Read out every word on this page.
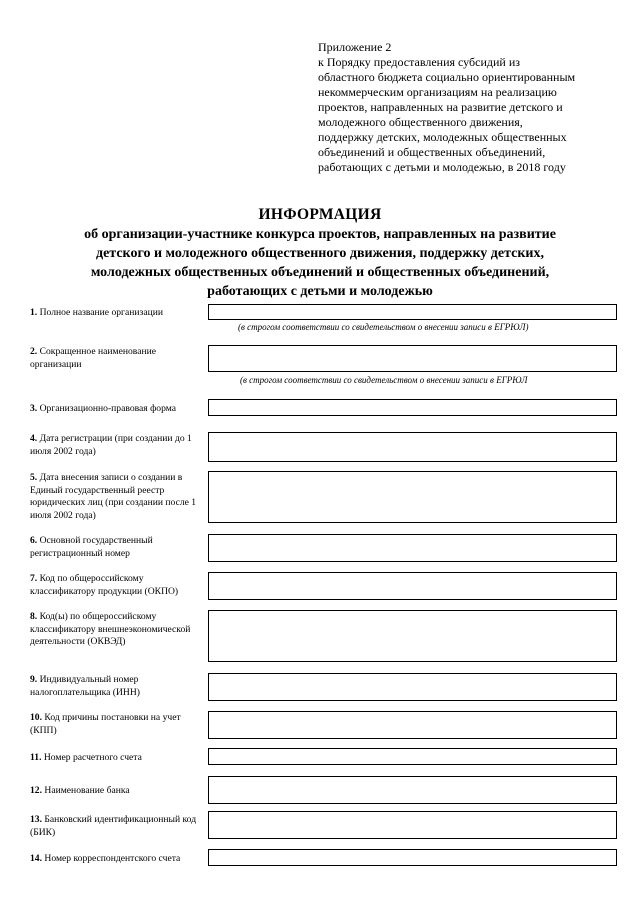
Приложение 2
к Порядку предоставления субсидий из
областного бюджета социально ориентированным
некоммерческим организациям на реализацию
проектов, направленных на развитие детского и
молодежного общественного движения,
поддержку детских, молодежных общественных
объединений и общественных объединений,
работающих с детьми и молодежью, в 2018 году
ИНФОРМАЦИЯ
об организации-участнике конкурса проектов, направленных на развитие
детского и молодежного общественного движения, поддержку детских,
молодежных общественных объединений и общественных объединений,
работающих с детьми и молодежью
1. Полное название организации
(в строгом соответствии со свидетельством о внесении записи в ЕГРЮЛ)
2. Сокращенное наименование организации
(в строгом соответствии со свидетельством о внесении записи в ЕГРЮЛ
3. Организационно-правовая форма
4. Дата регистрации (при создании до 1 июля 2002 года)
5. Дата внесения записи о создании в Единый государственный реестр юридических лиц (при создании после 1 июля 2002 года)
6. Основной государственный регистрационный номер
7. Код по общероссийскому классификатору продукции (ОКПО)
8. Код(ы) по общероссийскому классификатору внешнеэкономической деятельности (ОКВЭД)
9. Индивидуальный номер налогоплательщика (ИНН)
10. Код причины постановки на учет (КПП)
11. Номер расчетного счета
12. Наименование банка
13. Банковский идентификационный код (БИК)
14. Номер корреспондентского счета
